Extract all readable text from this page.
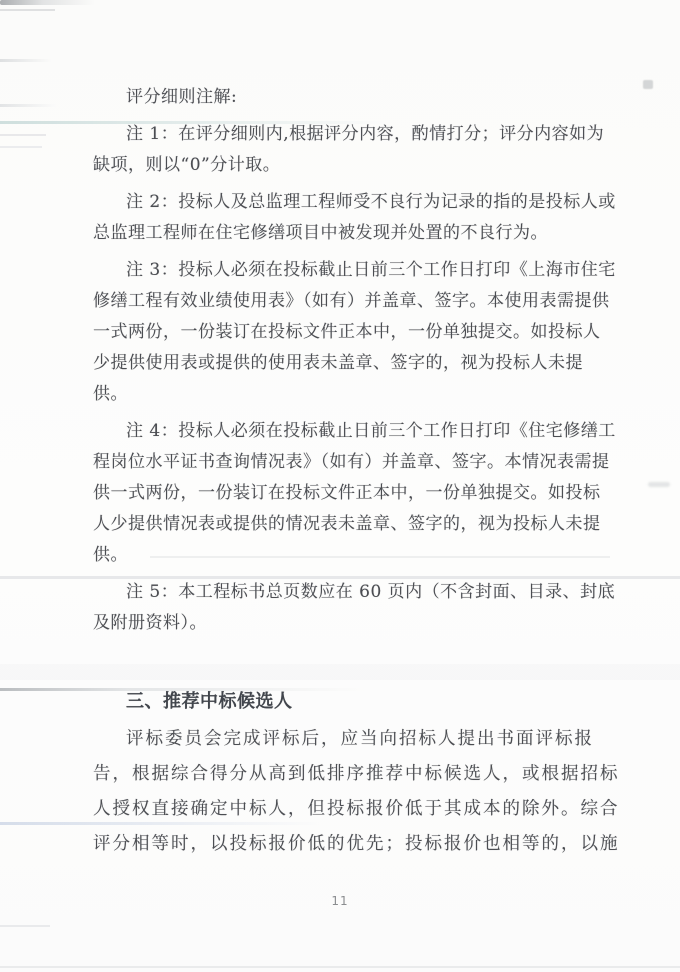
评分细则注解:
注 1：在评分细则内,根据评分内容，酌情打分；评分内容如为
缺项，则以“0”分计取。
注 2：投标人及总监理工程师受不良行为记录的指的是投标人或
总监理工程师在住宅修缮项目中被发现并处置的不良行为。
注 3：投标人必须在投标截止日前三个工作日打印《上海市住宅
修缮工程有效业绩使用表》（如有）并盖章、签字。本使用表需提供
一式两份，一份装订在投标文件正本中，一份单独提交。如投标人
少提供使用表或提供的使用表未盖章、签字的，视为投标人未提
供。
注 4：投标人必须在投标截止日前三个工作日打印《住宅修缮工
程岗位水平证书查询情况表》（如有）并盖章、签字。本情况表需提
供一式两份，一份装订在投标文件正本中，一份单独提交。如投标
人少提供情况表或提供的情况表未盖章、签字的，视为投标人未提
供。
注 5：本工程标书总页数应在 60 页内（不含封面、目录、封底
及附册资料）。
三、推荐中标候选人
评标委员会完成评标后，应当向招标人提出书面评标报
告，根据综合得分从高到低排序推荐中标候选人，或根据招标
人授权直接确定中标人，但投标报价低于其成本的除外。综合
评分相等时，以投标报价低的优先；投标报价也相等的，以施
11
